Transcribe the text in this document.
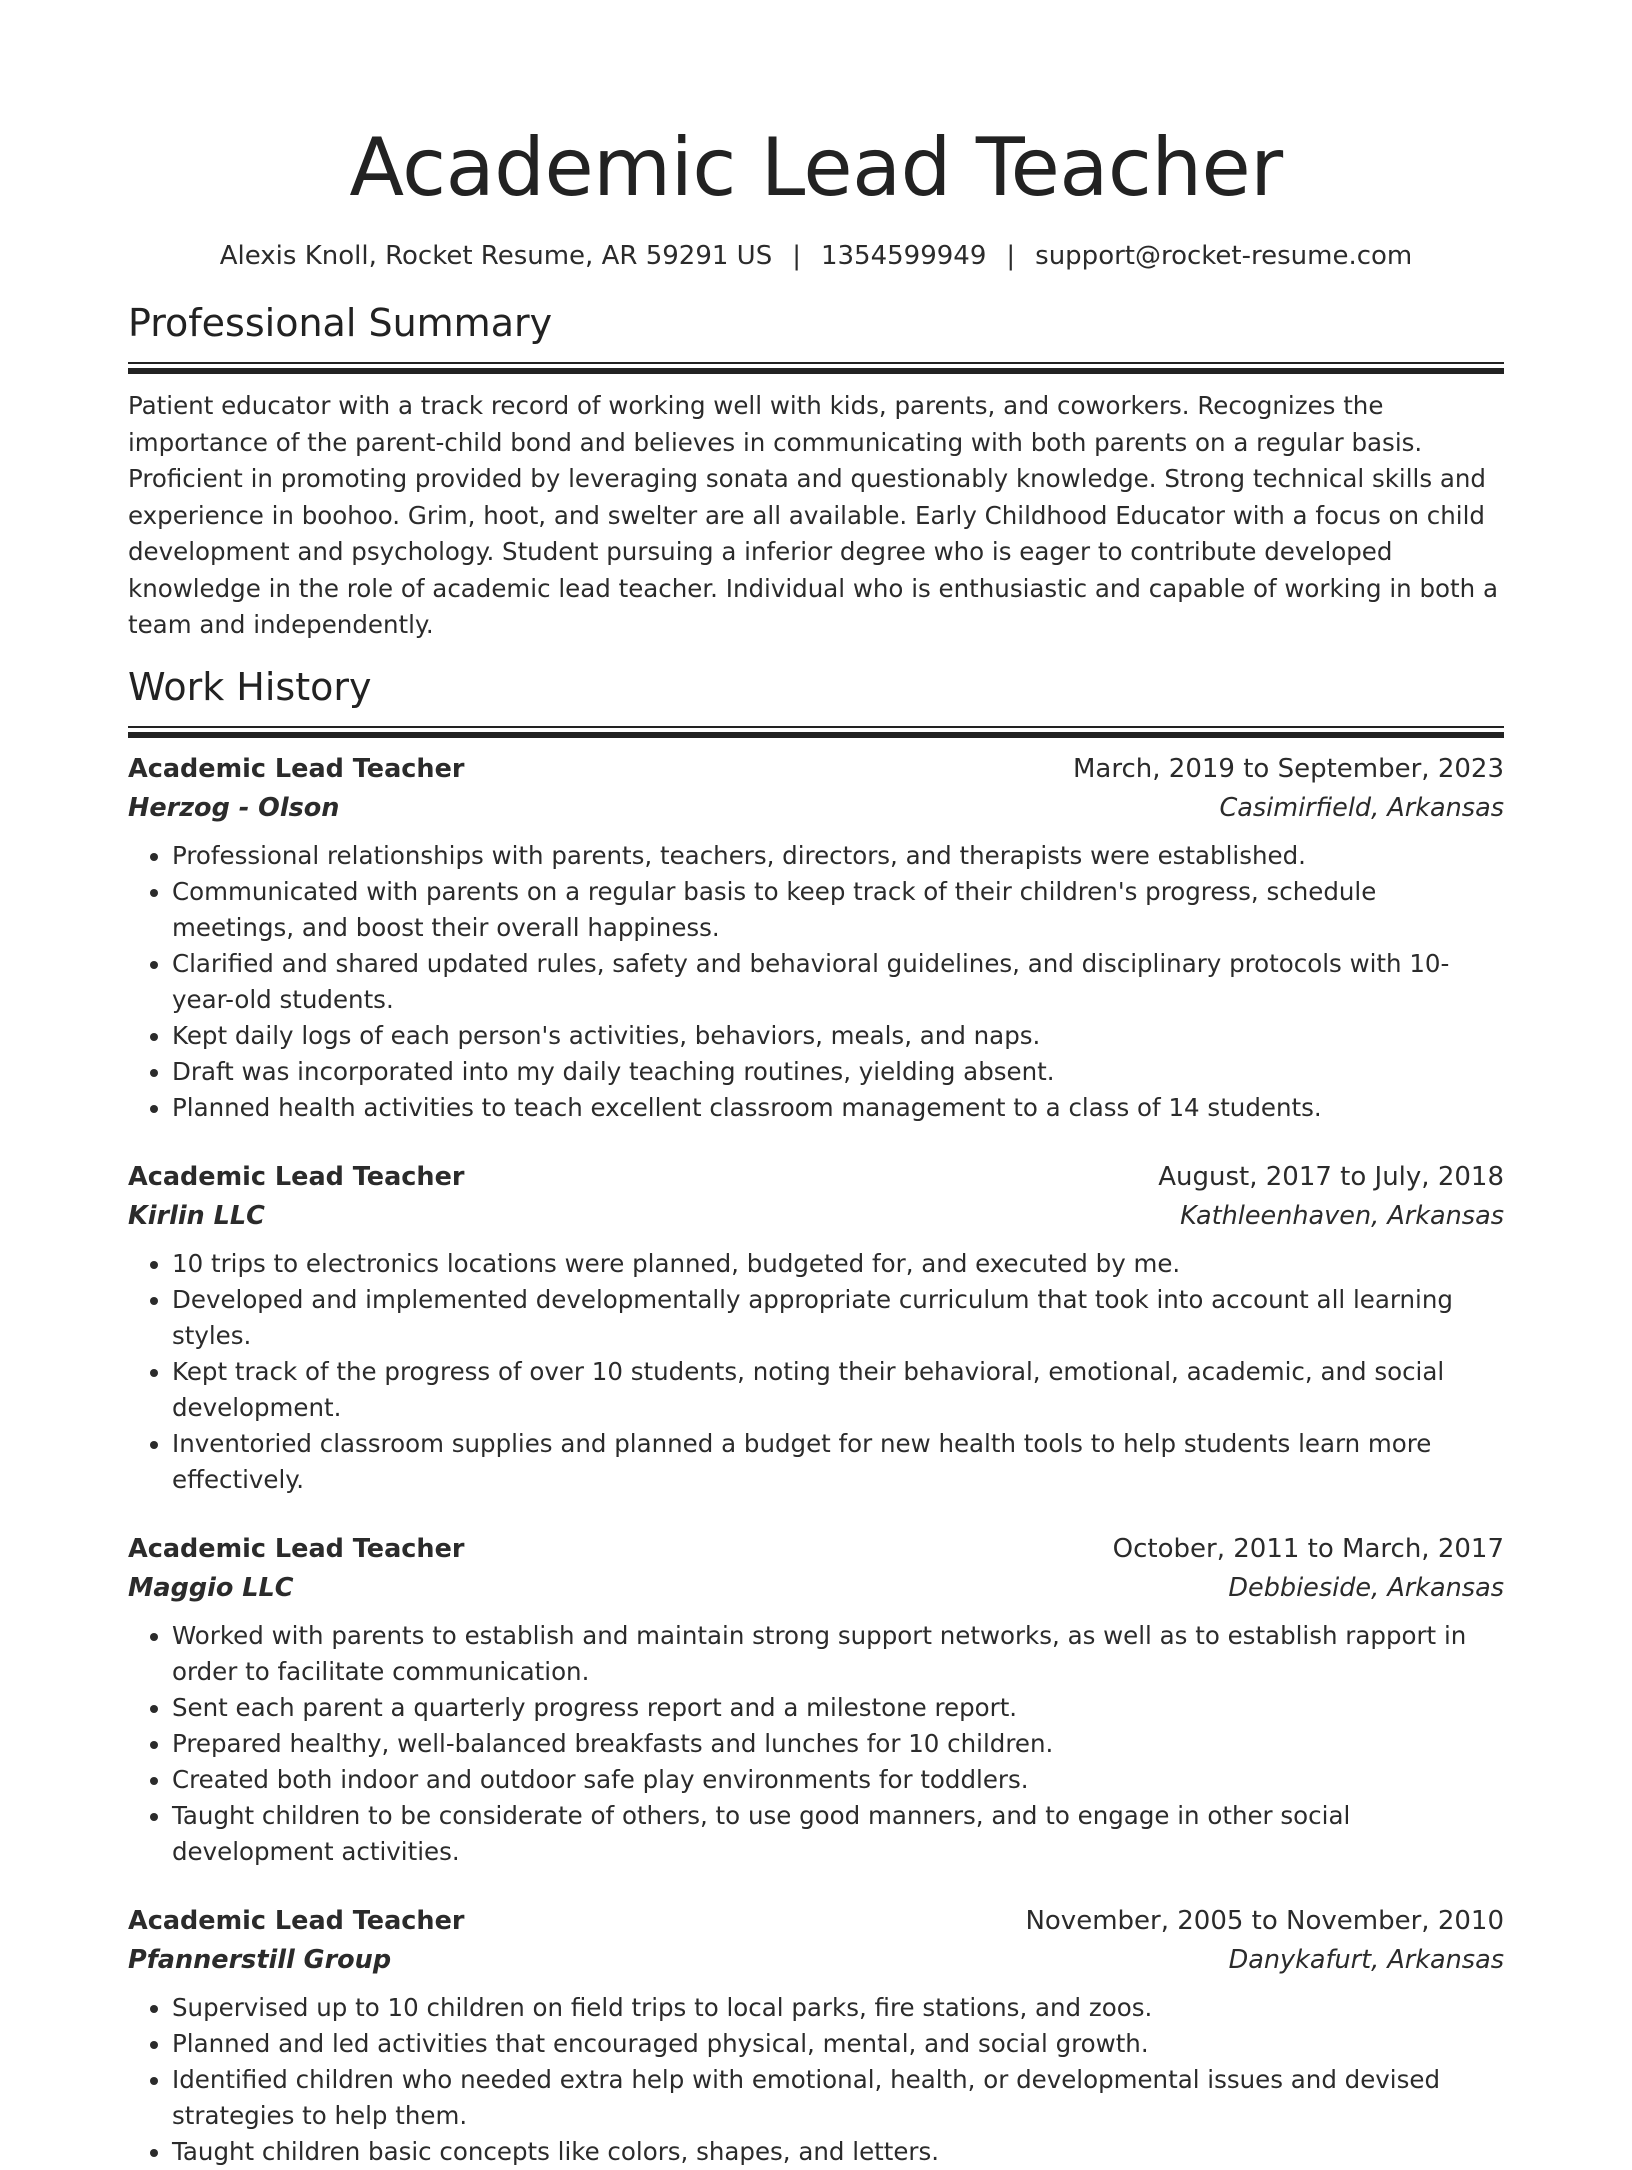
Academic Lead Teacher
Alexis Knoll, Rocket Resume, AR 59291 US | 1354599949 | support@rocket-resume.com
Professional Summary

Patient educator with a track record of working well with kids, parents, and coworkers. Recognizes the importance of the parent-child bond and believes in communicating with both parents on a regular basis. Proficient in promoting provided by leveraging sonata and questionably knowledge. Strong technical skills and experience in boohoo. Grim, hoot, and swelter are all available. Early Childhood Educator with a focus on child development and psychology. Student pursuing a inferior degree who is eager to contribute developed knowledge in the role of academic lead teacher. Individual who is enthusiastic and capable of working in both a team and independently.

Work History
Academic Lead Teacher	March, 2019 to September, 2023
Herzog - Olson	Casimirfield, Arkansas
• Professional relationships with parents, teachers, directors, and therapists were established.
• Communicated with parents on a regular basis to keep track of their children's progress, schedule meetings, and boost their overall happiness.
• Clarified and shared updated rules, safety and behavioral guidelines, and disciplinary protocols with 10-year-old students.
• Kept daily logs of each person's activities, behaviors, meals, and naps.
• Draft was incorporated into my daily teaching routines, yielding absent.
• Planned health activities to teach excellent classroom management to a class of 14 students.
Academic Lead Teacher	August, 2017 to July, 2018
Kirlin LLC	Kathleenhaven, Arkansas
• 10 trips to electronics locations were planned, budgeted for, and executed by me.
• Developed and implemented developmentally appropriate curriculum that took into account all learning styles.
• Kept track of the progress of over 10 students, noting their behavioral, emotional, academic, and social development.
• Inventoried classroom supplies and planned a budget for new health tools to help students learn more effectively.
Academic Lead Teacher	October, 2011 to March, 2017
Maggio LLC	Debbieside, Arkansas
• Worked with parents to establish and maintain strong support networks, as well as to establish rapport in order to facilitate communication.
• Sent each parent a quarterly progress report and a milestone report.
• Prepared healthy, well-balanced breakfasts and lunches for 10 children.
• Created both indoor and outdoor safe play environments for toddlers.
• Taught children to be considerate of others, to use good manners, and to engage in other social development activities.
Academic Lead Teacher	November, 2005 to November, 2010
Pfannerstill Group	Danykafurt, Arkansas
• Supervised up to 10 children on field trips to local parks, fire stations, and zoos.
• Planned and led activities that encouraged physical, mental, and social growth.
• Identified children who needed extra help with emotional, health, or developmental issues and devised strategies to help them.
• Taught children basic concepts like colors, shapes, and letters.
